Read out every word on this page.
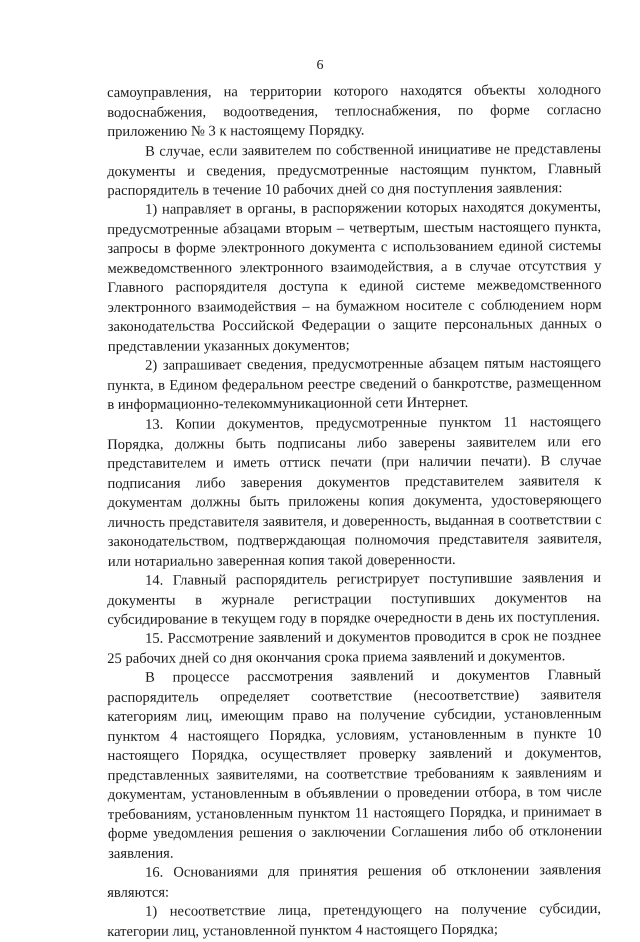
6

самоуправления, на территории которого находятся объекты холодного водоснабжения, водоотведения, теплоснабжения, по форме согласно приложению № 3 к настоящему Порядку.

В случае, если заявителем по собственной инициативе не представлены документы и сведения, предусмотренные настоящим пунктом, Главный распорядитель в течение 10 рабочих дней со дня поступления заявления:

1) направляет в органы, в распоряжении которых находятся документы, предусмотренные абзацами вторым – четвертым, шестым настоящего пункта, запросы в форме электронного документа с использованием единой системы межведомственного электронного взаимодействия, а в случае отсутствия у Главного распорядителя доступа к единой системе межведомственного электронного взаимодействия – на бумажном носителе с соблюдением норм законодательства Российской Федерации о защите персональных данных о представлении указанных документов;

2) запрашивает сведения, предусмотренные абзацем пятым настоящего пункта, в Едином федеральном реестре сведений о банкротстве, размещенном в информационно-телекоммуникационной сети Интернет.

13. Копии документов, предусмотренные пунктом 11 настоящего Порядка, должны быть подписаны либо заверены заявителем или его представителем и иметь оттиск печати (при наличии печати). В случае подписания либо заверения документов представителем заявителя к документам должны быть приложены копия документа, удостоверяющего личность представителя заявителя, и доверенность, выданная в соответствии с законодательством, подтверждающая полномочия представителя заявителя, или нотариально заверенная копия такой доверенности.

14. Главный распорядитель регистрирует поступившие заявления и документы в журнале регистрации поступивших документов на субсидирование в текущем году в порядке очередности в день их поступления.

15. Рассмотрение заявлений и документов проводится в срок не позднее 25 рабочих дней со дня окончания срока приема заявлений и документов.

В процессе рассмотрения заявлений и документов Главный распорядитель определяет соответствие (несоответствие) заявителя категориям лиц, имеющим право на получение субсидии, установленным пунктом 4 настоящего Порядка, условиям, установленным в пункте 10 настоящего Порядка, осуществляет проверку заявлений и документов, представленных заявителями, на соответствие требованиям к заявлениям и документам, установленным в объявлении о проведении отбора, в том числе требованиям, установленным пунктом 11 настоящего Порядка, и принимает в форме уведомления решения о заключении Соглашения либо об отклонении заявления.

16. Основаниями для принятия решения об отклонении заявления являются:

1) несоответствие лица, претендующего на получение субсидии, категории лиц, установленной пунктом 4 настоящего Порядка;
